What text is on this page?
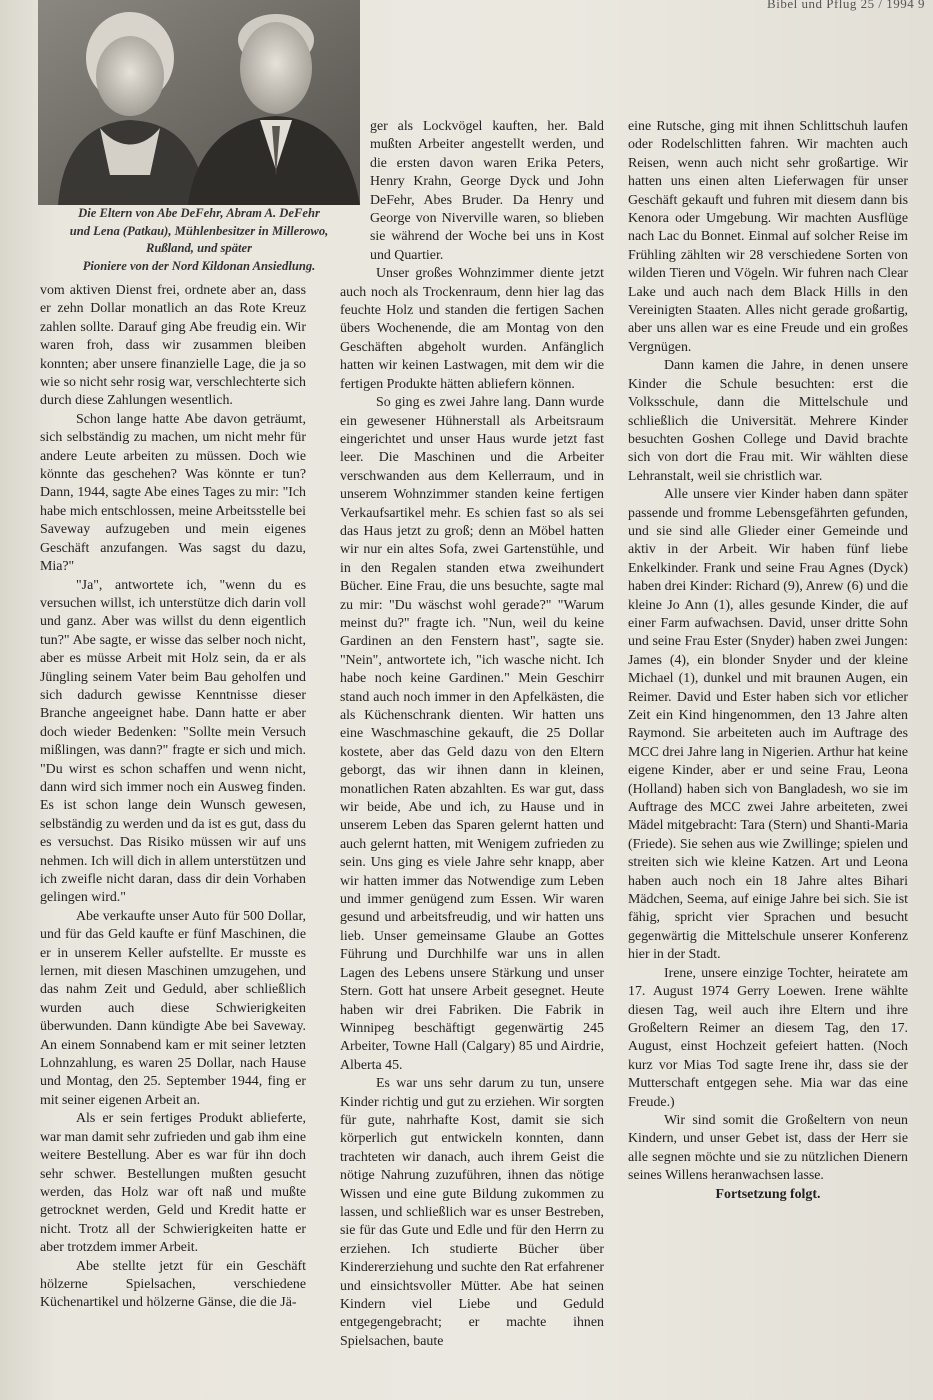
Bibel und Pflug 25 / 1994 9
Die Eltern von Abe DeFehr, Abram A. DeFehr
und Lena (Patkau), Mühlenbesitzer in Millerowo,
Rußland, und später
Pioniere von der Nord Kildonan Ansiedlung.

vom aktiven Dienst frei, ordnete aber an, dass er zehn Dollar monatlich an das Rote Kreuz zahlen sollte. Darauf ging Abe freudig ein. Wir waren froh, dass wir zusammen bleiben konnten; aber unsere finanzielle Lage, die ja so wie so nicht sehr rosig war, verschlechterte sich durch diese Zahlungen wesentlich.

Schon lange hatte Abe davon geträumt, sich selbständig zu machen, um nicht mehr für andere Leute arbeiten zu müssen. Doch wie könnte das geschehen? Was könnte er tun? Dann, 1944, sagte Abe eines Tages zu mir: "Ich habe mich entschlossen, meine Arbeitsstelle bei Saveway aufzugeben und mein eigenes Geschäft anzufangen. Was sagst du dazu, Mia?"

"Ja", antwortete ich, "wenn du es versuchen willst, ich unterstütze dich darin voll und ganz. Aber was willst du denn eigentlich tun?" Abe sagte, er wisse das selber noch nicht, aber es müsse Arbeit mit Holz sein, da er als Jüngling seinem Vater beim Bau geholfen und sich dadurch gewisse Kenntnisse dieser Branche angeeignet habe. Dann hatte er aber doch wieder Bedenken: "Sollte mein Versuch mißlingen, was dann?" fragte er sich und mich. "Du wirst es schon schaffen und wenn nicht, dann wird sich immer noch ein Ausweg finden. Es ist schon lange dein Wunsch gewesen, selbständig zu werden und da ist es gut, dass du es versuchst. Das Risiko müssen wir auf uns nehmen. Ich will dich in allem unterstützen und ich zweifle nicht daran, dass dir dein Vorhaben gelingen wird."

Abe verkaufte unser Auto für 500 Dollar, und für das Geld kaufte er fünf Maschinen, die er in unserem Keller aufstellte. Er musste es lernen, mit diesen Maschinen umzugehen, und das nahm Zeit und Geduld, aber schließlich wurden auch diese Schwierigkeiten überwunden. Dann kündigte Abe bei Saveway. An einem Sonnabend kam er mit seiner letzten Lohnzahlung, es waren 25 Dollar, nach Hause und Montag, den 25. September 1944, fing er mit seiner eigenen Arbeit an.

Als er sein fertiges Produkt ablieferte, war man damit sehr zufrieden und gab ihm eine weitere Bestellung. Aber es war für ihn doch sehr schwer. Bestellungen mußten gesucht werden, das Holz war oft naß und mußte getrocknet werden, Geld und Kredit hatte er nicht. Trotz all der Schwierigkeiten hatte er aber trotzdem immer Arbeit.

Abe stellte jetzt für ein Geschäft hölzerne Spielsachen, verschiedene Küchenartikel und hölzerne Gänse, die die Jä-

ger als Lockvögel kauften, her. Bald mußten Arbeiter angestellt werden, und die ersten davon waren Erika Peters, Henry Krahn, George Dyck und John DeFehr, Abes Bruder. Da Henry und George von Niverville waren, so blieben sie während der Woche bei uns in Kost und Quartier.

Unser großes Wohnzimmer diente jetzt auch noch als Trockenraum, denn hier lag das feuchte Holz und standen die fertigen Sachen übers Wochenende, die am Montag von den Geschäften abgeholt wurden. Anfänglich hatten wir keinen Lastwagen, mit dem wir die fertigen Produkte hätten abliefern können.

So ging es zwei Jahre lang. Dann wurde ein gewesener Hühnerstall als Arbeitsraum eingerichtet und unser Haus wurde jetzt fast leer. Die Maschinen und die Arbeiter verschwanden aus dem Kellerraum, und in unserem Wohnzimmer standen keine fertigen Verkaufsartikel mehr. Es schien fast so als sei das Haus jetzt zu groß; denn an Möbel hatten wir nur ein altes Sofa, zwei Gartenstühle, und in den Regalen standen etwa zweihundert Bücher. Eine Frau, die uns besuchte, sagte mal zu mir: "Du wäschst wohl gerade?" "Warum meinst du?" fragte ich. "Nun, weil du keine Gardinen an den Fenstern hast", sagte sie. "Nein", antwortete ich, "ich wasche nicht. Ich habe noch keine Gardinen." Mein Geschirr stand auch noch immer in den Apfelkästen, die als Küchenschrank dienten. Wir hatten uns eine Waschmaschine gekauft, die 25 Dollar kostete, aber das Geld dazu von den Eltern geborgt, das wir ihnen dann in kleinen, monatlichen Raten abzahlten. Es war gut, dass wir beide, Abe und ich, zu Hause und in unserem Leben das Sparen gelernt hatten und auch gelernt hatten, mit Wenigem zufrieden zu sein. Uns ging es viele Jahre sehr knapp, aber wir hatten immer das Notwendige zum Leben und immer genügend zum Essen. Wir waren gesund und arbeitsfreudig, und wir hatten uns lieb. Unser gemeinsame Glaube an Gottes Führung und Durchhilfe war uns in allen Lagen des Lebens unsere Stärkung und unser Stern. Gott hat unsere Arbeit gesegnet. Heute haben wir drei Fabriken. Die Fabrik in Winnipeg beschäftigt gegenwärtig 245 Arbeiter, Towne Hall (Calgary) 85 und Airdrie, Alberta 45.

Es war uns sehr darum zu tun, unsere Kinder richtig und gut zu erziehen. Wir sorgten für gute, nahrhafte Kost, damit sie sich körperlich gut entwickeln konnten, dann trachteten wir danach, auch ihrem Geist die nötige Nahrung zuzuführen, ihnen das nötige Wissen und eine gute Bildung zukommen zu lassen, und schließlich war es unser Bestreben, sie für das Gute und Edle und für den Herrn zu erziehen. Ich studierte Bücher über Kindererziehung und suchte den Rat erfahrener und einsichtsvoller Mütter. Abe hat seinen Kindern viel Liebe und Geduld entgegengebracht; er machte ihnen Spielsachen, baute

eine Rutsche, ging mit ihnen Schlittschuh laufen oder Rodelschlitten fahren. Wir machten auch Reisen, wenn auch nicht sehr großartige. Wir hatten uns einen alten Lieferwagen für unser Geschäft gekauft und fuhren mit diesem dann bis Kenora oder Umgebung. Wir machten Ausflüge nach Lac du Bonnet. Einmal auf solcher Reise im Frühling zählten wir 28 verschiedene Sorten von wilden Tieren und Vögeln. Wir fuhren nach Clear Lake und auch nach dem Black Hills in den Vereinigten Staaten. Alles nicht gerade großartig, aber uns allen war es eine Freude und ein großes Vergnügen.

Dann kamen die Jahre, in denen unsere Kinder die Schule besuchten: erst die Volksschule, dann die Mittelschule und schließlich die Universität. Mehrere Kinder besuchten Goshen College und David brachte sich von dort die Frau mit. Wir wählten diese Lehranstalt, weil sie christlich war.

Alle unsere vier Kinder haben dann später passende und fromme Lebensgefährten gefunden, und sie sind alle Glieder einer Gemeinde und aktiv in der Arbeit. Wir haben fünf liebe Enkelkinder. Frank und seine Frau Agnes (Dyck) haben drei Kinder: Richard (9), Anrew (6) und die kleine Jo Ann (1), alles gesunde Kinder, die auf einer Farm aufwachsen. David, unser dritte Sohn und seine Frau Ester (Snyder) haben zwei Jungen: James (4), ein blonder Snyder und der kleine Michael (1), dunkel und mit braunen Augen, ein Reimer. David und Ester haben sich vor etlicher Zeit ein Kind hingenommen, den 13 Jahre alten Raymond. Sie arbeiteten auch im Auftrage des MCC drei Jahre lang in Nigerien. Arthur hat keine eigene Kinder, aber er und seine Frau, Leona (Holland) haben sich von Bangladesh, wo sie im Auftrage des MCC zwei Jahre arbeiteten, zwei Mädel mitgebracht: Tara (Stern) und Shanti-Maria (Friede). Sie sehen aus wie Zwillinge; spielen und streiten sich wie kleine Katzen. Art und Leona haben auch noch ein 18 Jahre altes Bihari Mädchen, Seema, auf einige Jahre bei sich. Sie ist fähig, spricht vier Sprachen und besucht gegenwärtig die Mittelschule unserer Konferenz hier in der Stadt.

Irene, unsere einzige Tochter, heiratete am 17. August 1974 Gerry Loewen. Irene wählte diesen Tag, weil auch ihre Eltern und ihre Großeltern Reimer an diesem Tag, den 17. August, einst Hochzeit gefeiert hatten. (Noch kurz vor Mias Tod sagte Irene ihr, dass sie der Mutterschaft entgegen sehe. Mia war das eine Freude.)

Wir sind somit die Großeltern von neun Kindern, und unser Gebet ist, dass der Herr sie alle segnen möchte und sie zu nützlichen Dienern seines Willens heranwachsen lasse.

Fortsetzung folgt.
